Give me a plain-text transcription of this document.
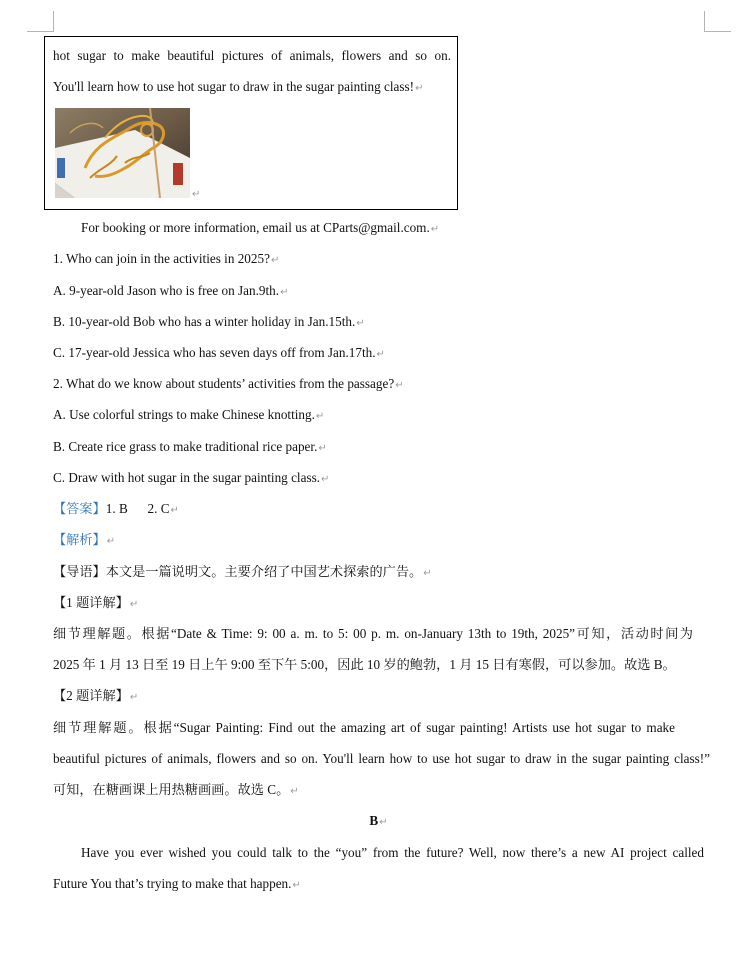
hot sugar to make beautiful pictures of animals, flowers and so on.
You'll learn how to use hot sugar to draw in the sugar painting class!↵
↵
For booking or more information, email us at CParts@gmail.com.↵
1. Who can join in the activities in 2025?↵
A. 9-year-old Jason who is free on Jan.9th.↵
B. 10-year-old Bob who has a winter holiday in Jan.15th.↵
C. 17-year-old Jessica who has seven days off from Jan.17th.↵
2. What do we know about students’ activities from the passage?↵
A. Use colorful strings to make Chinese knotting.↵
B. Create rice grass to make traditional rice paper.↵
C. Draw with hot sugar in the sugar painting class.↵
【答案】1. B      2. C↵
【解析】↵
【导语】本文是一篇说明文。主要介绍了中国艺术探索的广告。↵
【1 题详解】↵
细节理解题。根据“Date & Time: 9: 00 a. m. to 5: 00 p. m. on-January 13th to 19th, 2025”可知，活动时间为
2025 年 1 月 13 日至 19 日上午 9:00 至下午 5:00，因此 10 岁的鲍勃，1 月 15 日有寒假，可以参加。故选 B。
【2 题详解】↵
细节理解题。根据“Sugar Painting: Find out the amazing art of sugar painting! Artists use hot sugar to make
beautiful pictures of animals, flowers and so on. You'll learn how to use hot sugar to draw in the sugar painting class!”
可知，在糖画课上用热糖画画。故选 C。↵
B↵
Have you ever wished you could talk to the “you” from the future? Well, now there’s a new AI project called
Future You that’s trying to make that happen.↵
